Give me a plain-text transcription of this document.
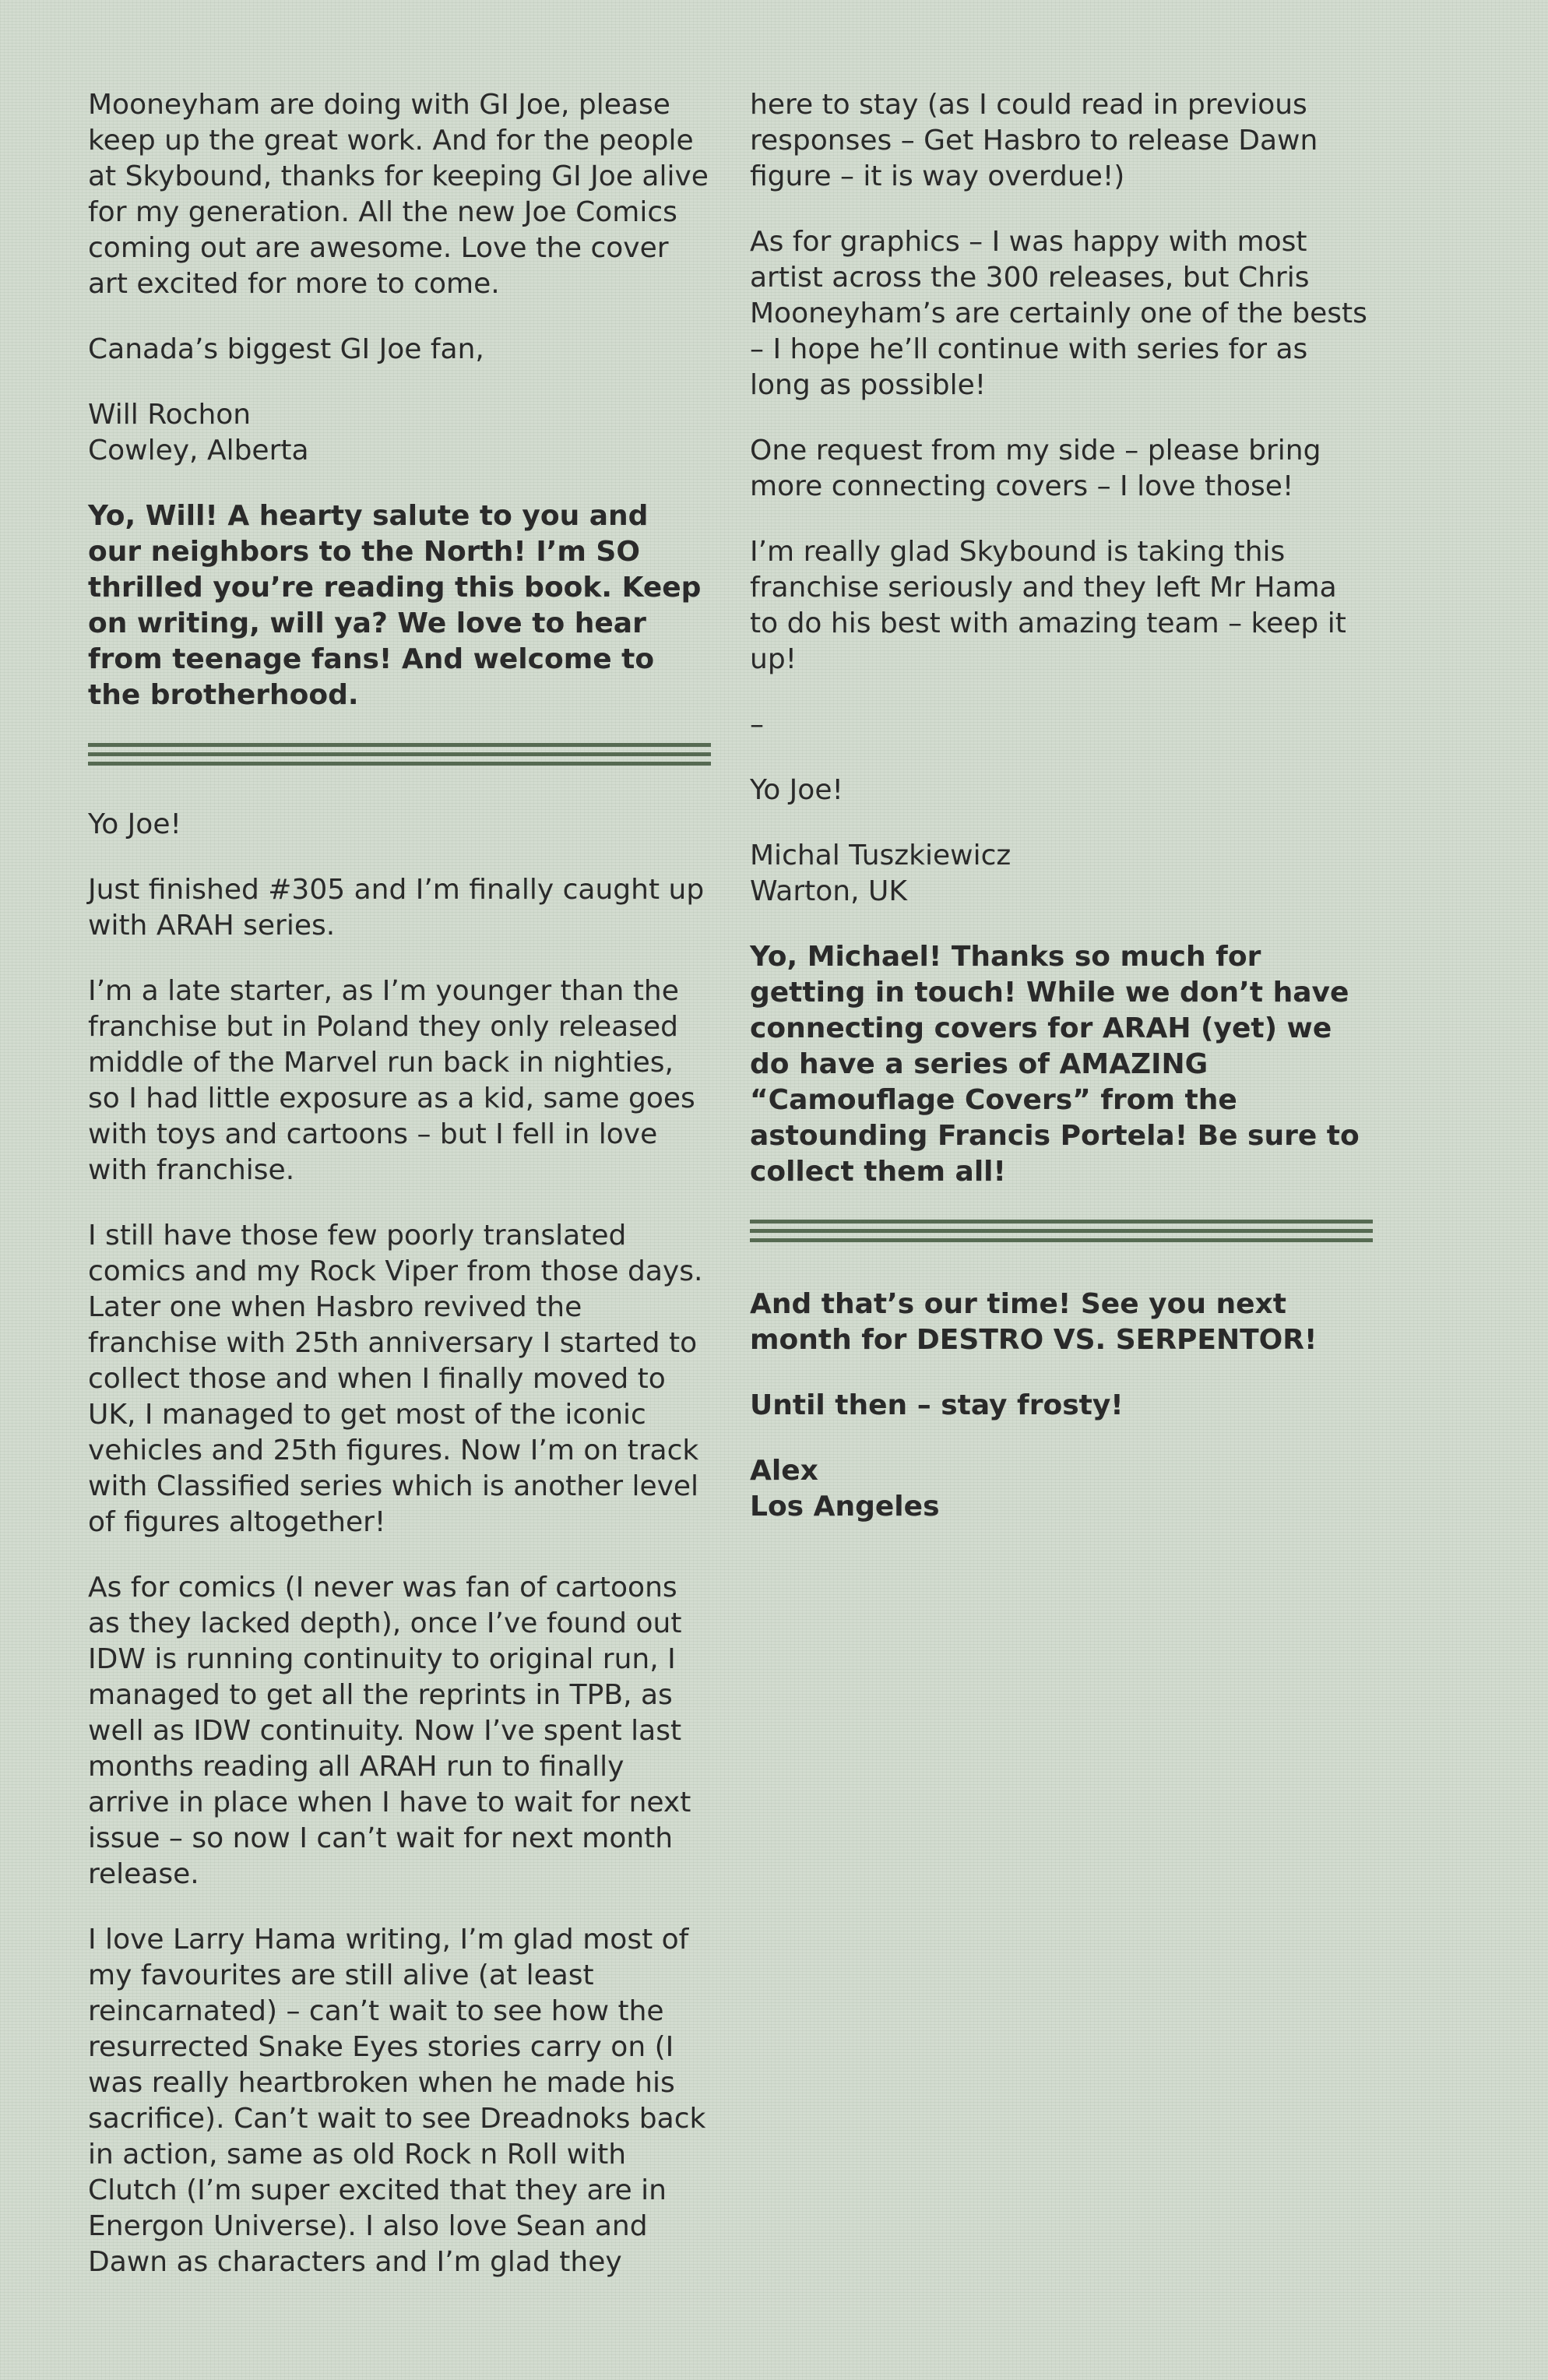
Mooneyham are doing with GI Joe, please keep up the great work. And for the people at Skybound, thanks for keeping GI Joe alive for my generation. All the new Joe Comics coming out are awesome. Love the cover art excited for more to come.

Canada’s biggest GI Joe fan,

Will Rochon
Cowley, Alberta

Yo, Will! A hearty salute to you and our neighbors to the North! I’m SO thrilled you’re reading this book. Keep on writing, will ya? We love to hear from teenage fans! And welcome to the brotherhood.

Yo Joe!

Just finished #305 and I’m finally caught up with ARAH series.

I’m a late starter, as I’m younger than the franchise but in Poland they only released middle of the Marvel run back in nighties, so I had little exposure as a kid, same goes with toys and cartoons – but I fell in love with franchise.

I still have those few poorly translated comics and my Rock Viper from those days. Later one when Hasbro revived the franchise with 25th anniversary I started to collect those and when I finally moved to UK, I managed to get most of the iconic vehicles and 25th figures. Now I’m on track with Classified series which is another level of figures altogether!

As for comics (I never was fan of cartoons as they lacked depth), once I’ve found out IDW is running continuity to original run, I managed to get all the reprints in TPB, as well as IDW continuity. Now I’ve spent last months reading all ARAH run to finally arrive in place when I have to wait for next issue – so now I can’t wait for next month release.

I love Larry Hama writing, I’m glad most of my favourites are still alive (at least reincarnated) – can’t wait to see how the resurrected Snake Eyes stories carry on (I was really heartbroken when he made his sacrifice). Can’t wait to see Dreadnoks back in action, same as old Rock n Roll with Clutch (I’m super excited that they are in Energon Universe). I also love Sean and Dawn as characters and I’m glad they

here to stay (as I could read in previous responses – Get Hasbro to release Dawn figure – it is way overdue!)

As for graphics – I was happy with most artist across the 300 releases, but Chris Mooneyham’s are certainly one of the bests – I hope he’ll continue with series for as long as possible!

One request from my side – please bring more connecting covers – I love those!

I’m really glad Skybound is taking this franchise seriously and they left Mr Hama to do his best with amazing team – keep it up!

–

Yo Joe!

Michal Tuszkiewicz
Warton, UK

Yo, Michael! Thanks so much for getting in touch! While we don’t have connecting covers for ARAH (yet) we do have a series of AMAZING “Camouflage Covers” from the astounding Francis Portela! Be sure to collect them all!

And that’s our time! See you next month for DESTRO VS. SERPENTOR!

Until then – stay frosty!

Alex
Los Angeles
